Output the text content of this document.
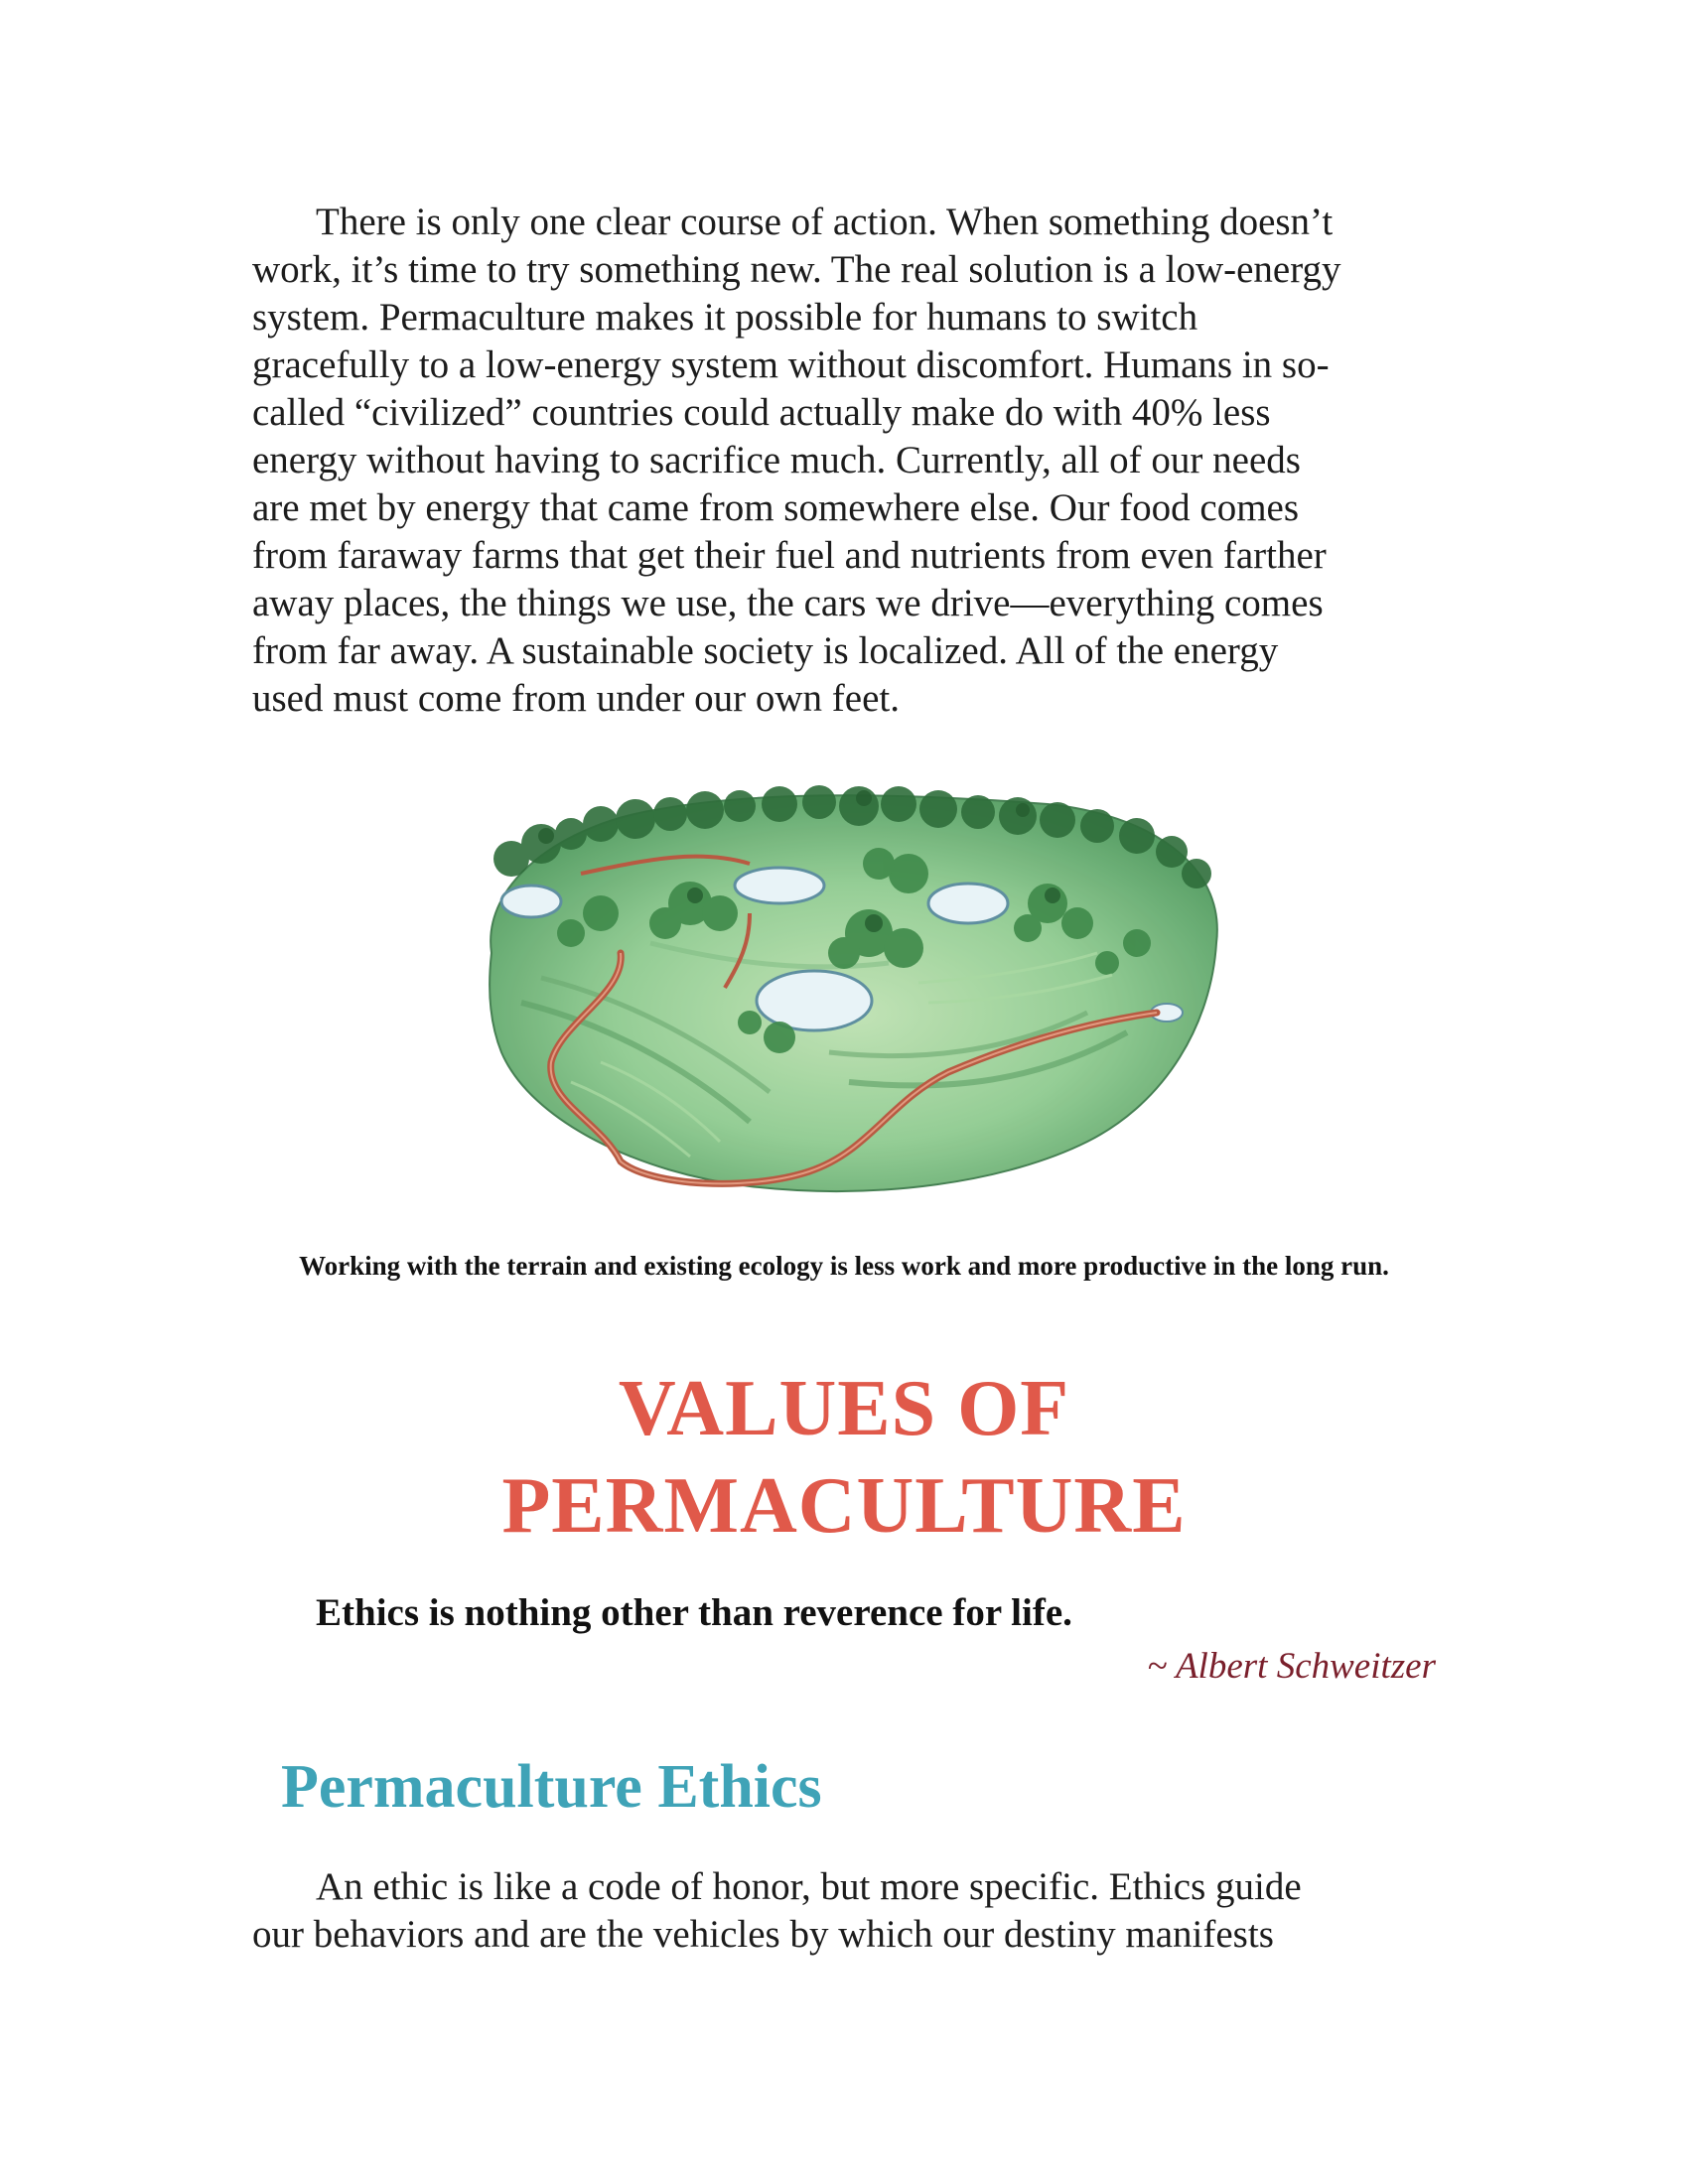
There is only one clear course of action. When something doesn’t
work, it’s time to try something new. The real solution is a low-energy
system. Permaculture makes it possible for humans to switch
gracefully to a low-energy system without discomfort. Humans in so-
called “civilized” countries could actually make do with 40% less
energy without having to sacrifice much. Currently, all of our needs
are met by energy that came from somewhere else. Our food comes
from faraway farms that get their fuel and nutrients from even farther
away places, the things we use, the cars we drive—everything comes
from far away. A sustainable society is localized. All of the energy
used must come from under our own feet.

Working with the terrain and existing ecology is less work and more productive in the long run.

VALUES OF
PERMACULTURE

Ethics is nothing other than reverence for life.

~ Albert Schweitzer

Permaculture Ethics

An ethic is like a code of honor, but more specific. Ethics guide
our behaviors and are the vehicles by which our destiny manifests
